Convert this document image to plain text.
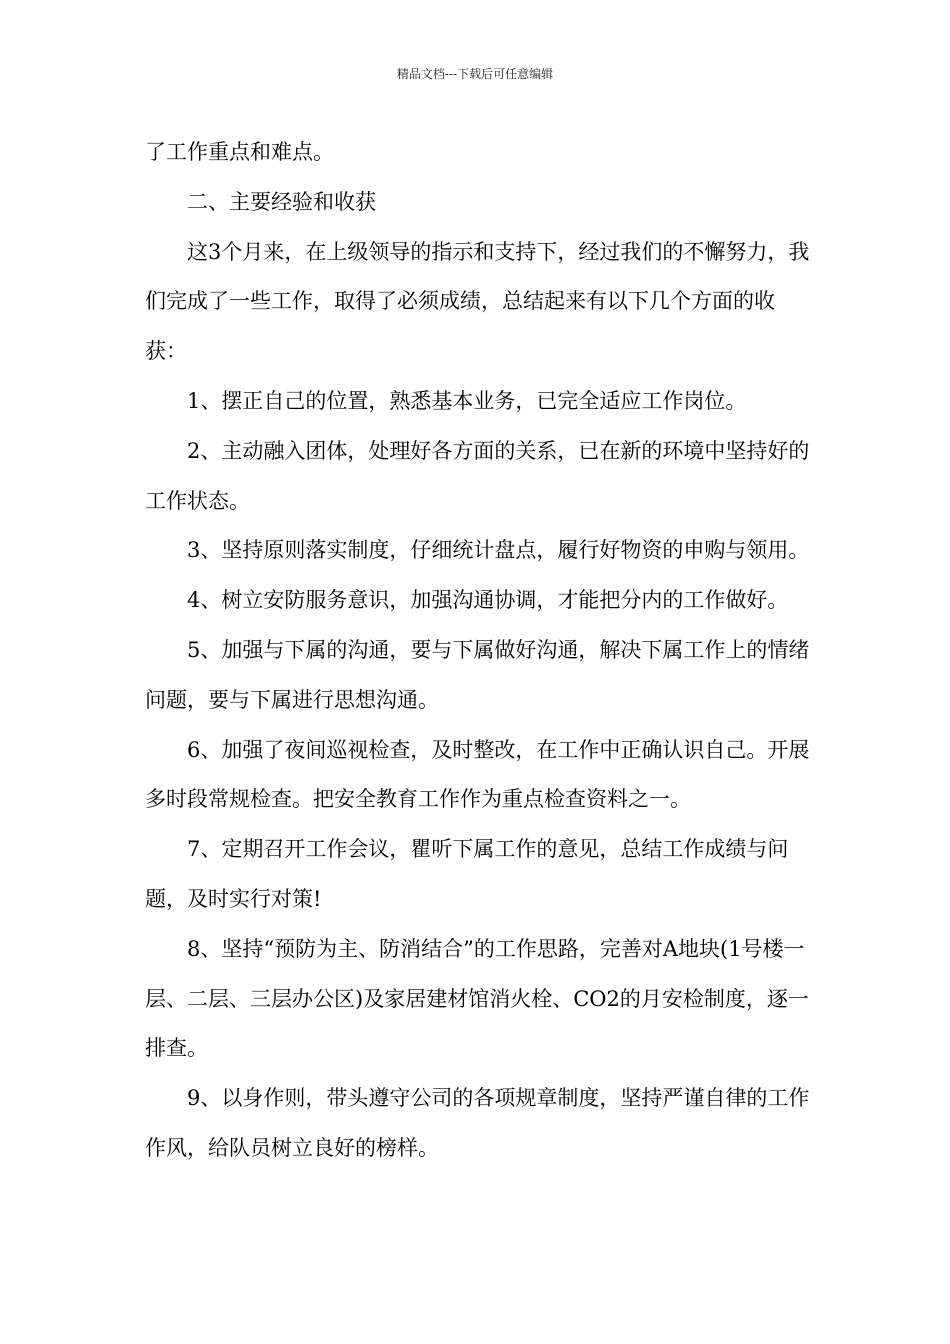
精品文档---下载后可任意编辑

了工作重点和难点。

二、主要经验和收获

这3个月来，在上级领导的指示和支持下，经过我们的不懈努力，我们完成了一些工作，取得了必须成绩，总结起来有以下几个方面的收获：

1、摆正自己的位置，熟悉基本业务，已完全适应工作岗位。

2、主动融入团体，处理好各方面的关系，已在新的环境中坚持好的工作状态。

3、坚持原则落实制度，仔细统计盘点，履行好物资的申购与领用。

4、树立安防服务意识，加强沟通协调，才能把分内的工作做好。

5、加强与下属的沟通，要与下属做好沟通，解决下属工作上的情绪问题，要与下属进行思想沟通。

6、加强了夜间巡视检查，及时整改，在工作中正确认识自己。开展多时段常规检查。把安全教育工作作为重点检查资料之一。

7、定期召开工作会议，瞿听下属工作的意见，总结工作成绩与问题，及时实行对策!

8、坚持“预防为主、防消结合”的工作思路，完善对A地块(1号楼一层、二层、三层办公区)及家居建材馆消火栓、CO2的月安检制度，逐一排查。

9、以身作则，带头遵守公司的各项规章制度，坚持严谨自律的工作作风，给队员树立良好的榜样。
